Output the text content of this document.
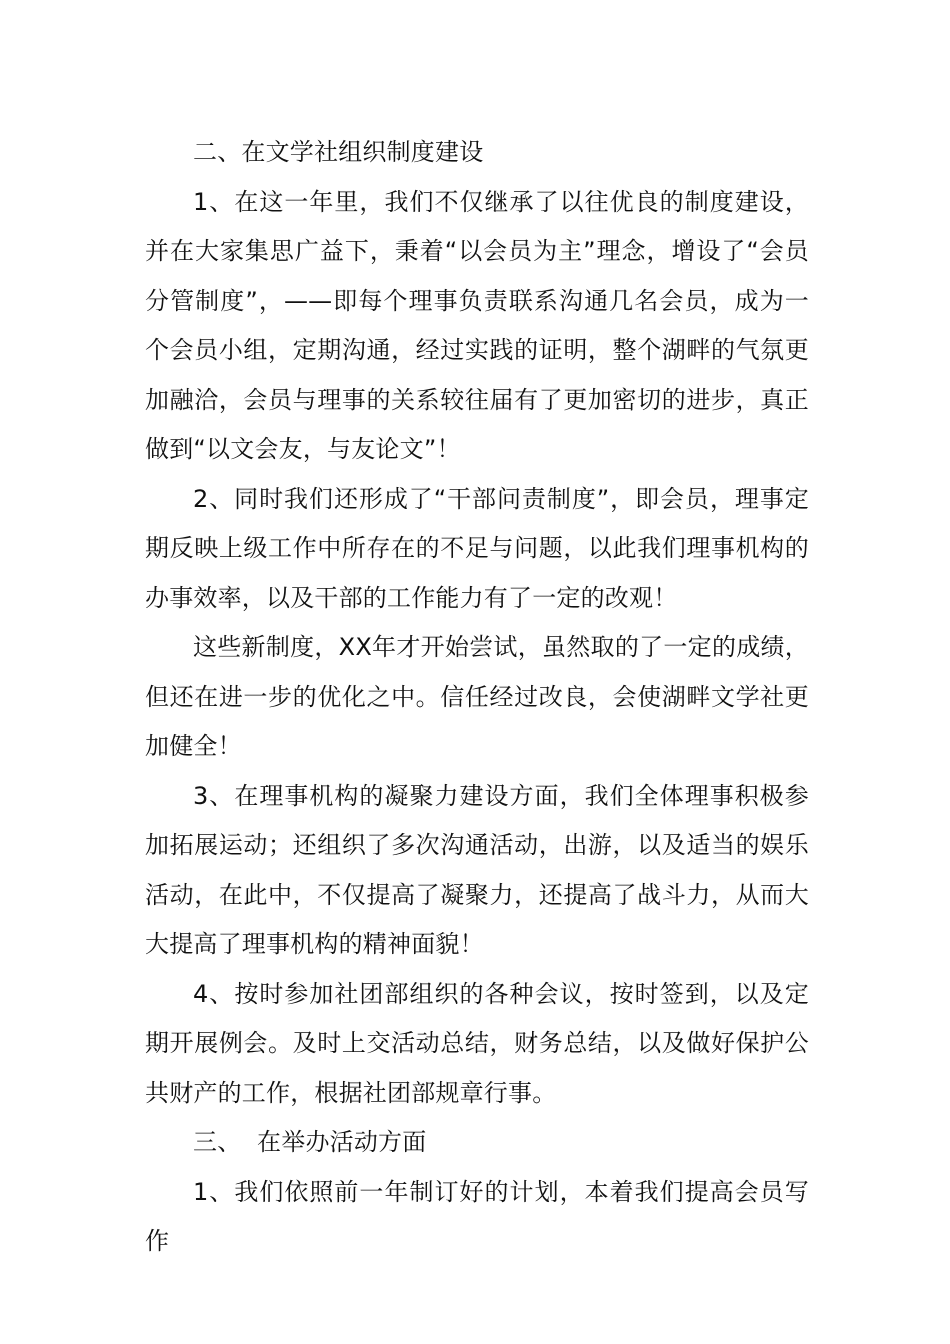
二、在文学社组织制度建设

1、在这一年里，我们不仅继承了以往优良的制度建设，并在大家集思广益下，秉着“以会员为主”理念，增设了“会员分管制度”，——即每个理事负责联系沟通几名会员，成为一个会员小组，定期沟通，经过实践的证明，整个湖畔的气氛更加融洽，会员与理事的关系较往届有了更加密切的进步，真正做到“以文会友，与友论文”！

2、同时我们还形成了“干部问责制度”，即会员，理事定期反映上级工作中所存在的不足与问题，以此我们理事机构的办事效率，以及干部的工作能力有了一定的改观！

这些新制度，XX年才开始尝试，虽然取的了一定的成绩，但还在进一步的优化之中。信任经过改良，会使湖畔文学社更加健全！

3、在理事机构的凝聚力建设方面，我们全体理事积极参加拓展运动；还组织了多次沟通活动，出游，以及适当的娱乐活动，在此中，不仅提高了凝聚力，还提高了战斗力，从而大大提高了理事机构的精神面貌！

4、按时参加社团部组织的各种会议，按时签到，以及定期开展例会。及时上交活动总结，财务总结，以及做好保护公共财产的工作，根据社团部规章行事。

三、  在举办活动方面

1、我们依照前一年制订好的计划，本着我们提高会员写作
